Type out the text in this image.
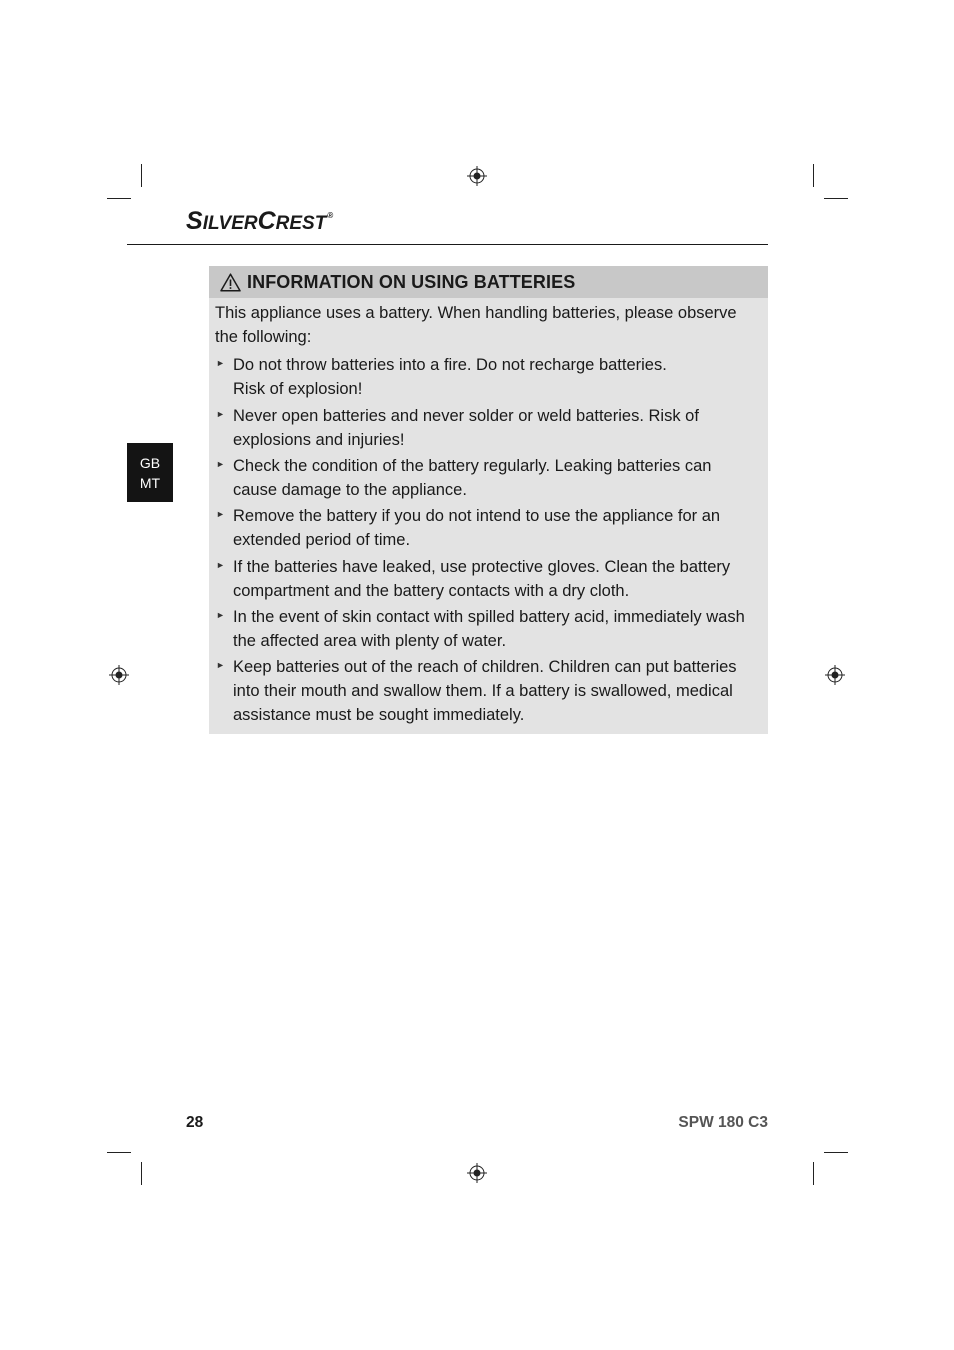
SILVERCREST®
GB
MT
INFORMATION ON USING BATTERIES
This appliance uses a battery. When handling batteries, please observe the following:
► Do not throw batteries into a fire. Do not recharge batteries.
Risk of explosion!
► Never open batteries and never solder or weld batteries. Risk of
explosions and injuries!
► Check the condition of the battery regularly. Leaking batteries can
cause damage to the appliance.
► Remove the battery if you do not intend to use the appliance for an
extended period of time.
► If the batteries have leaked, use protective gloves. Clean the battery
compartment and the battery contacts with a dry cloth.
► In the event of skin contact with spilled battery acid, immediately wash
the affected area with plenty of water.
► Keep batteries out of the reach of children. Children can put batteries
into their mouth and swallow them. If a battery is swallowed, medical
assistance must be sought immediately.
28	SPW 180 C3
